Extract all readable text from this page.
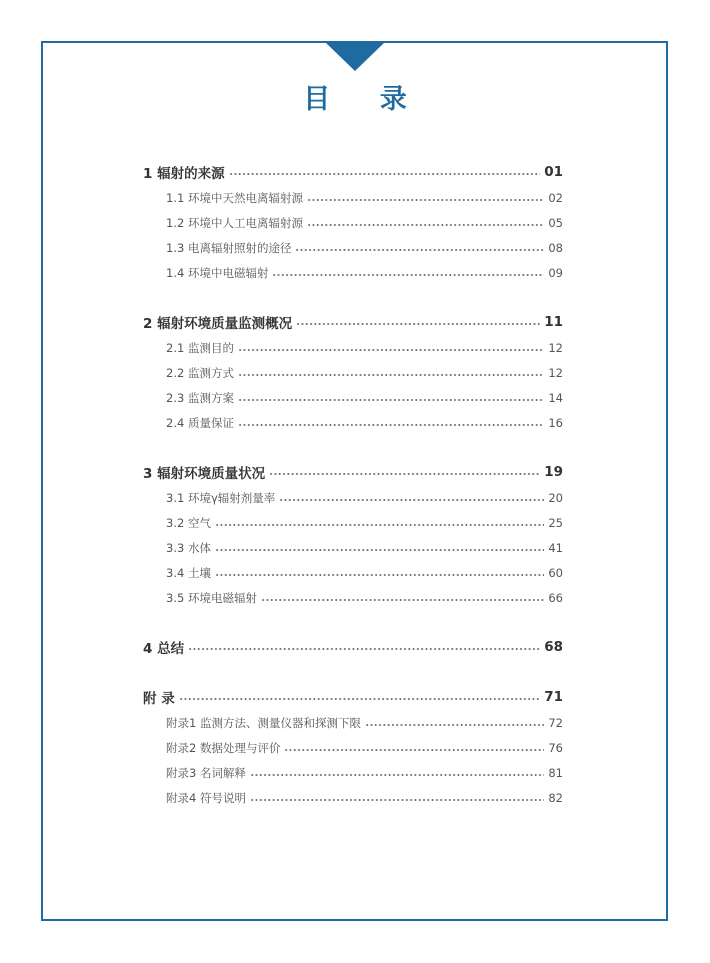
目 录
1 辐射的来源	01
1.1 环境中天然电离辐射源	02
1.2 环境中人工电离辐射源	05
1.3 电离辐射照射的途径	08
1.4 环境中电磁辐射	09
2 辐射环境质量监测概况	11
2.1 监测目的	12
2.2 监测方式	12
2.3 监测方案	14
2.4 质量保证	16
3 辐射环境质量状况	19
3.1 环境γ辐射剂量率	20
3.2 空气	25
3.3 水体	41
3.4 土壤	60
3.5 环境电磁辐射	66
4 总结	68
附 录	71
附录1 监测方法、测量仪器和探测下限	72
附录2 数据处理与评价	76
附录3 名词解释	81
附录4 符号说明	82
